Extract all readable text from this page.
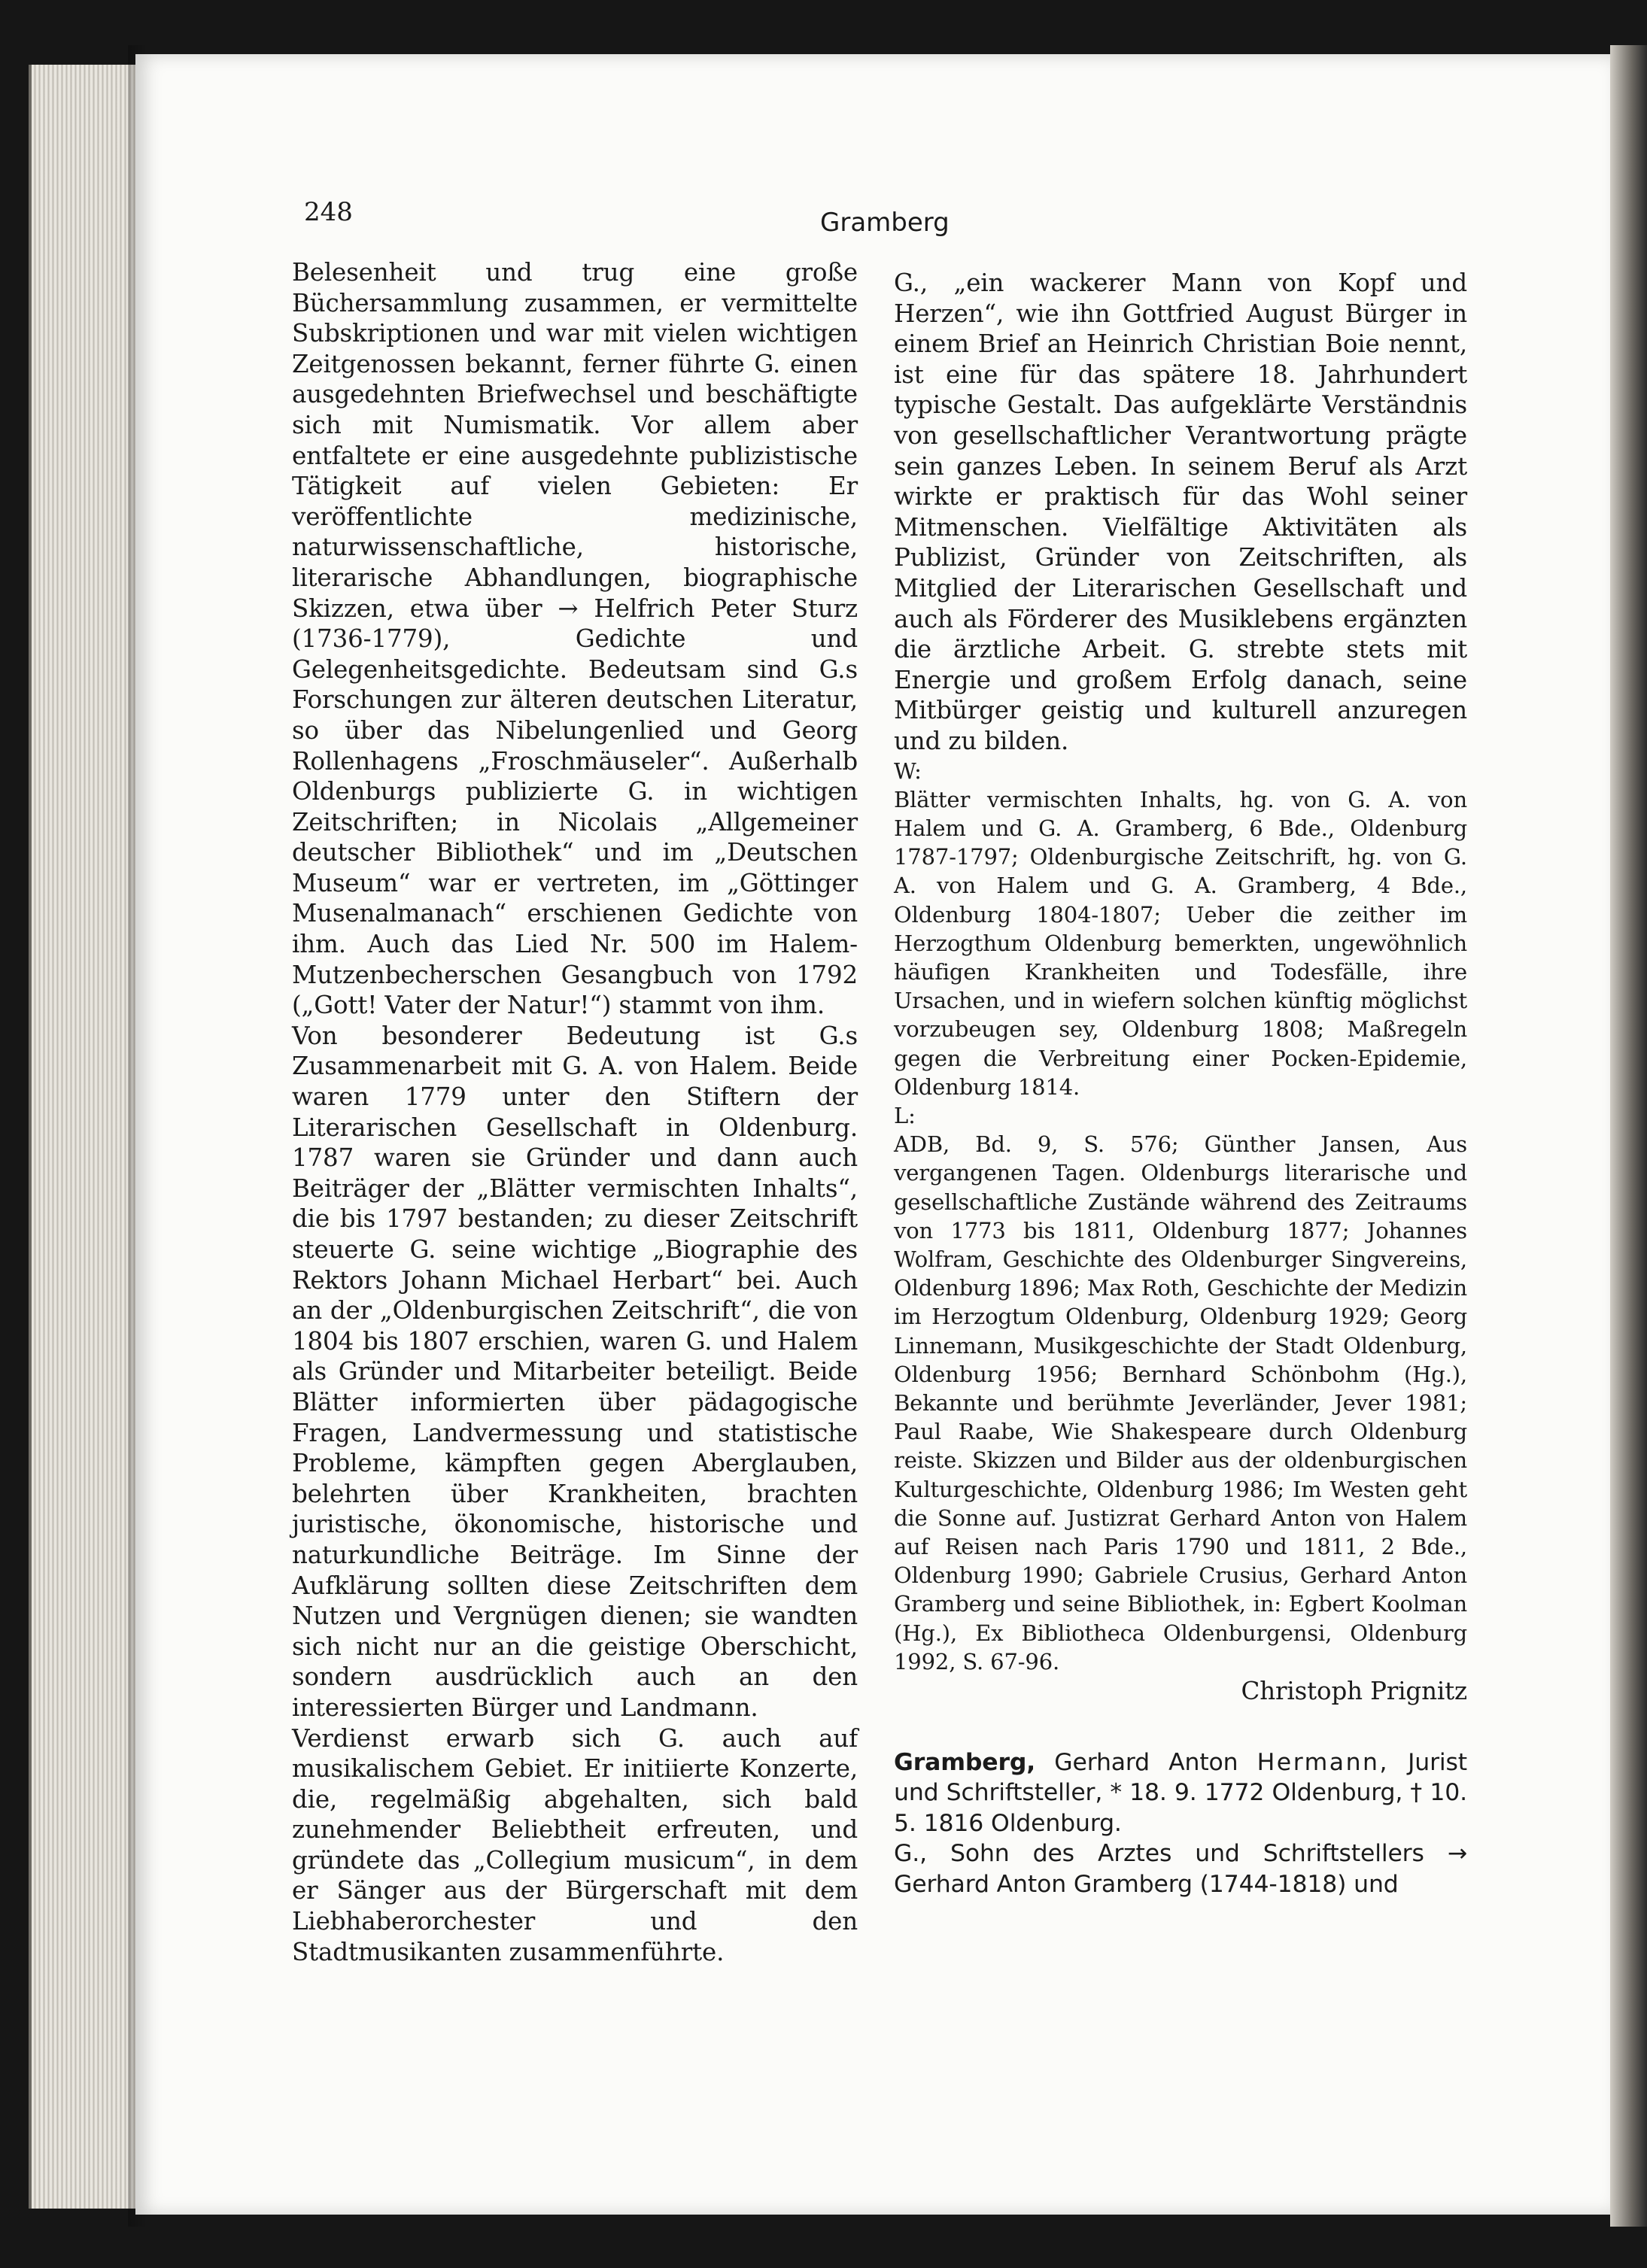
248	Gramberg

Belesenheit und trug eine große Büchersammlung zusammen, er vermittelte Subskriptionen und war mit vielen wichtigen Zeitgenossen bekannt, ferner führte G. einen ausgedehnten Briefwechsel und beschäftigte sich mit Numismatik. Vor allem aber entfaltete er eine ausgedehnte publizistische Tätigkeit auf vielen Gebieten: Er veröffentlichte medizinische, naturwissenschaftliche, historische, literarische Abhandlungen, biographische Skizzen, etwa über → Helfrich Peter Sturz (1736-1779), Gedichte und Gelegenheitsgedichte. Bedeutsam sind G.s Forschungen zur älteren deutschen Literatur, so über das Nibelungenlied und Georg Rollenhagens „Froschmäuseler“. Außerhalb Oldenburgs publizierte G. in wichtigen Zeitschriften; in Nicolais „Allgemeiner deutscher Bibliothek“ und im „Deutschen Museum“ war er vertreten, im „Göttinger Musenalmanach“ erschienen Gedichte von ihm. Auch das Lied Nr. 500 im Halem-Mutzenbecherschen Gesangbuch von 1792 („Gott! Vater der Natur!“) stammt von ihm.

Von besonderer Bedeutung ist G.s Zusammenarbeit mit G. A. von Halem. Beide waren 1779 unter den Stiftern der Literarischen Gesellschaft in Oldenburg. 1787 waren sie Gründer und dann auch Beiträger der „Blätter vermischten Inhalts“, die bis 1797 bestanden; zu dieser Zeitschrift steuerte G. seine wichtige „Biographie des Rektors Johann Michael Herbart“ bei. Auch an der „Oldenburgischen Zeitschrift“, die von 1804 bis 1807 erschien, waren G. und Halem als Gründer und Mitarbeiter beteiligt. Beide Blätter informierten über pädagogische Fragen, Landvermessung und statistische Probleme, kämpften gegen Aberglauben, belehrten über Krankheiten, brachten juristische, ökonomische, historische und naturkundliche Beiträge. Im Sinne der Aufklärung sollten diese Zeitschriften dem Nutzen und Vergnügen dienen; sie wandten sich nicht nur an die geistige Oberschicht, sondern ausdrücklich auch an den interessierten Bürger und Landmann.

Verdienst erwarb sich G. auch auf musikalischem Gebiet. Er initiierte Konzerte, die, regelmäßig abgehalten, sich bald zunehmender Beliebtheit erfreuten, und gründete das „Collegium musicum“, in dem er Sänger aus der Bürgerschaft mit dem Liebhaberorchester und den Stadtmusikanten zusammenführte.

G., „ein wackerer Mann von Kopf und Herzen“, wie ihn Gottfried August Bürger in einem Brief an Heinrich Christian Boie nennt, ist eine für das spätere 18. Jahrhundert typische Gestalt. Das aufgeklärte Verständnis von gesellschaftlicher Verantwortung prägte sein ganzes Leben. In seinem Beruf als Arzt wirkte er praktisch für das Wohl seiner Mitmenschen. Vielfältige Aktivitäten als Publizist, Gründer von Zeitschriften, als Mitglied der Literarischen Gesellschaft und auch als Förderer des Musiklebens ergänzten die ärztliche Arbeit. G. strebte stets mit Energie und großem Erfolg danach, seine Mitbürger geistig und kulturell anzuregen und zu bilden.

W:

Blätter vermischten Inhalts, hg. von G. A. von Halem und G. A. Gramberg, 6 Bde., Oldenburg 1787-1797; Oldenburgische Zeitschrift, hg. von G. A. von Halem und G. A. Gramberg, 4 Bde., Oldenburg 1804-1807; Ueber die zeither im Herzogthum Oldenburg bemerkten, ungewöhnlich häufigen Krankheiten und Todesfälle, ihre Ursachen, und in wiefern solchen künftig möglichst vorzubeugen sey, Oldenburg 1808; Maßregeln gegen die Verbreitung einer Pocken-Epidemie, Oldenburg 1814.

L:

ADB, Bd. 9, S. 576; Günther Jansen, Aus vergangenen Tagen. Oldenburgs literarische und gesellschaftliche Zustände während des Zeitraums von 1773 bis 1811, Oldenburg 1877; Johannes Wolfram, Geschichte des Oldenburger Singvereins, Oldenburg 1896; Max Roth, Geschichte der Medizin im Herzogtum Oldenburg, Oldenburg 1929; Georg Linnemann, Musikgeschichte der Stadt Oldenburg, Oldenburg 1956; Bernhard Schönbohm (Hg.), Bekannte und berühmte Jeverländer, Jever 1981; Paul Raabe, Wie Shakespeare durch Oldenburg reiste. Skizzen und Bilder aus der oldenburgischen Kulturgeschichte, Oldenburg 1986; Im Westen geht die Sonne auf. Justizrat Gerhard Anton von Halem auf Reisen nach Paris 1790 und 1811, 2 Bde., Oldenburg 1990; Gabriele Crusius, Gerhard Anton Gramberg und seine Bibliothek, in: Egbert Koolman (Hg.), Ex Bibliotheca Oldenburgensi, Oldenburg 1992, S. 67-96.

Christoph Prignitz

Gramberg, Gerhard Anton Hermann, Jurist und Schriftsteller, * 18. 9. 1772 Oldenburg, † 10. 5. 1816 Oldenburg.

G., Sohn des Arztes und Schriftstellers → Gerhard Anton Gramberg (1744-1818) und
